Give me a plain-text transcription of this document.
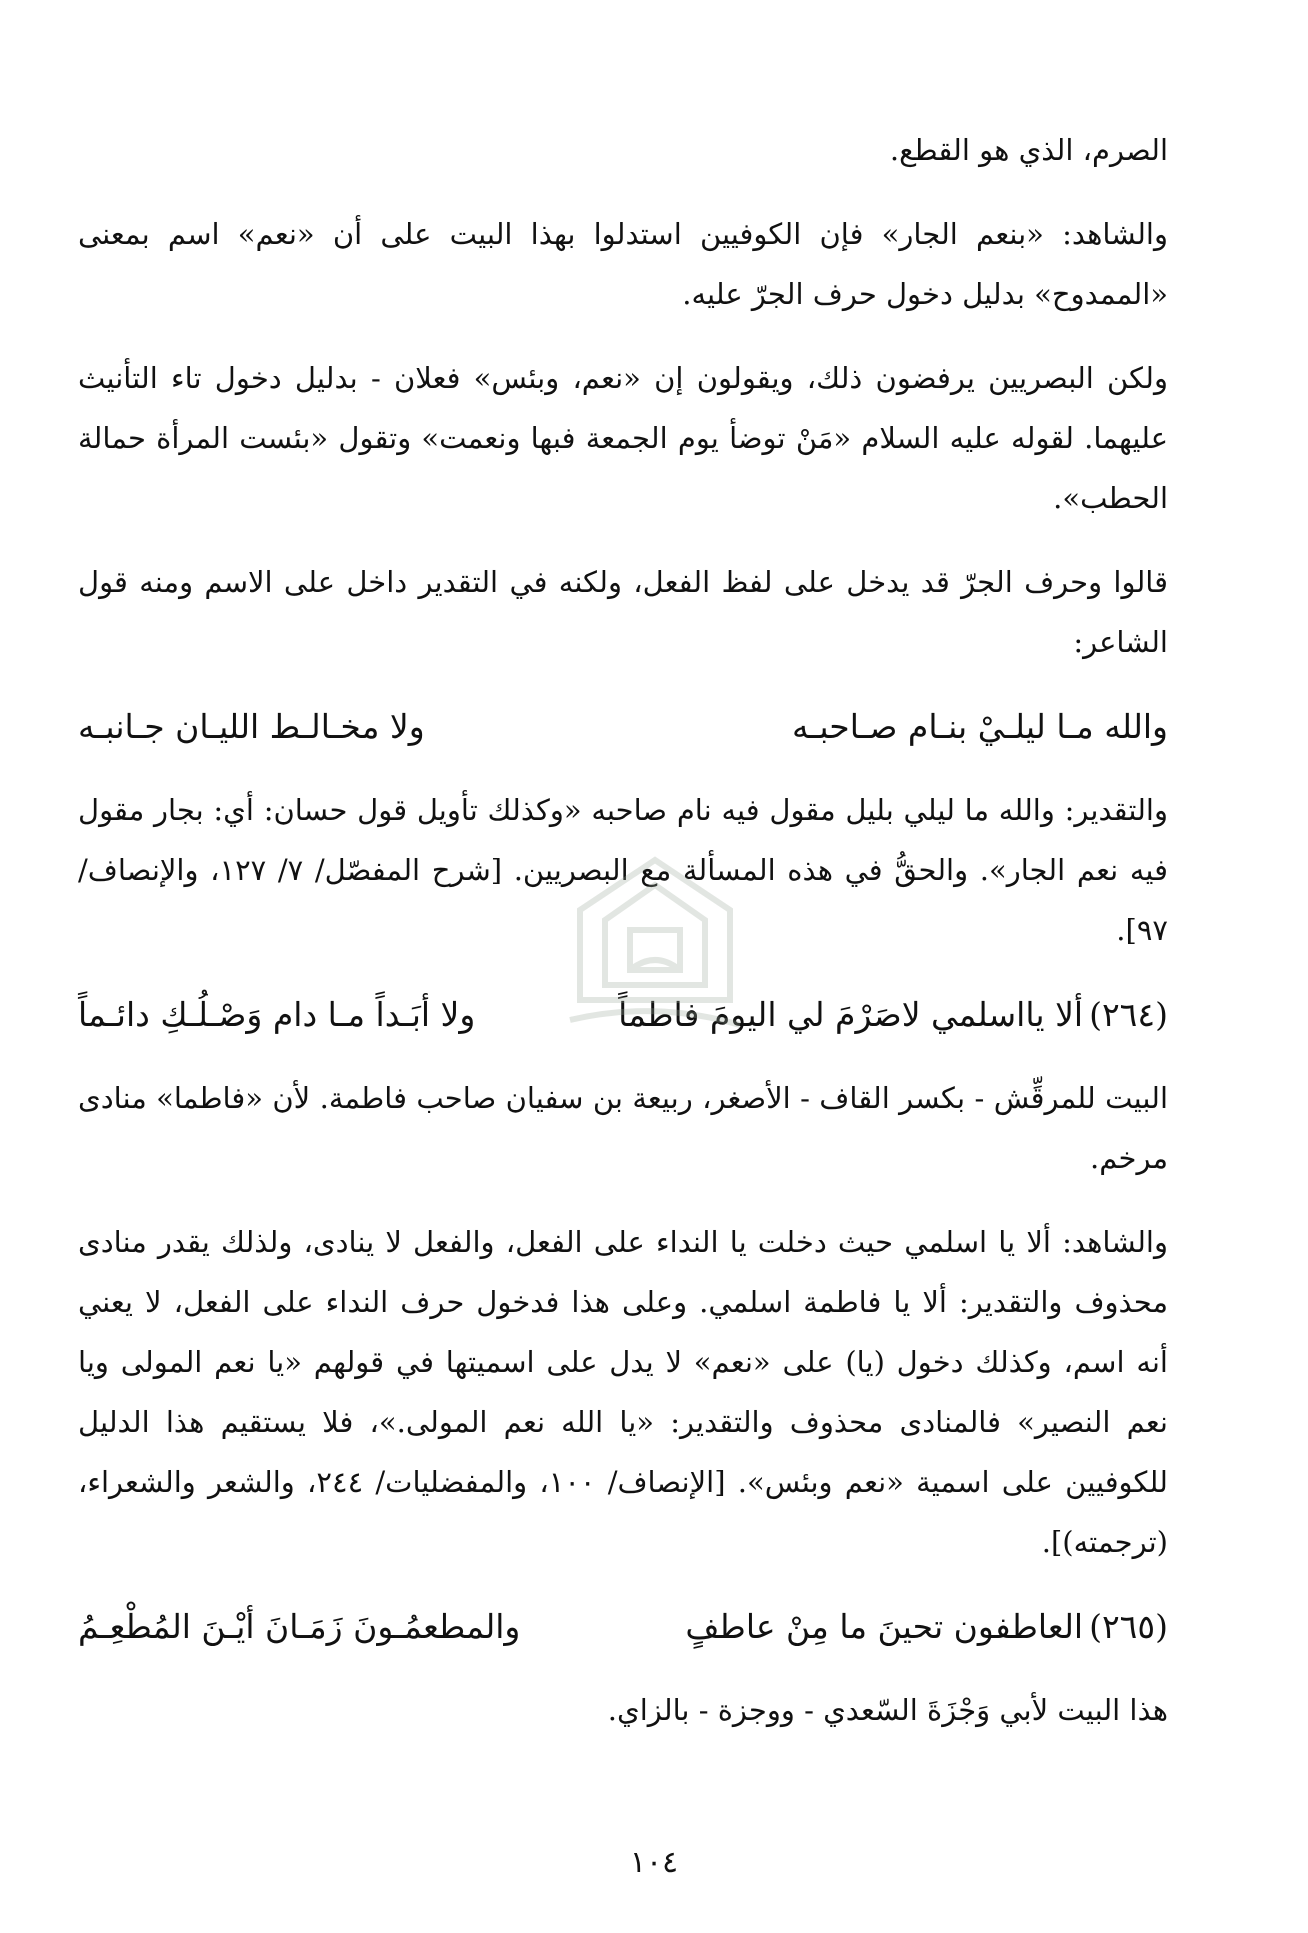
الصرم، الذي هو القطع.

والشاهد: «بنعم الجار» فإن الكوفيين استدلوا بهذا البيت على أن «نعم» اسم بمعنى «الممدوح» بدليل دخول حرف الجرّ عليه.

ولكن البصريين يرفضون ذلك، ويقولون إن «نعم، وبئس» فعلان - بدليل دخول تاء التأنيث عليهما. لقوله عليه السلام «مَنْ توضأ يوم الجمعة فبها ونعمت» وتقول «بئست المرأة حمالة الحطب».

قالوا وحرف الجرّ قد يدخل على لفظ الفعل، ولكنه في التقدير داخل على الاسم ومنه قول الشاعر:

والله مـا ليلـيْ بنـام صـاحبـه
ولا مخـالـط الليـان جـانبـه

والتقدير: والله ما ليلي بليل مقول فيه نام صاحبه «وكذلك تأويل قول حسان: أي: بجار مقول فيه نعم الجار». والحقُّ في هذه المسألة مع البصريين. [شرح المفصّل/ ٧/ ١٢٧، والإنصاف/ ٩٧].

(٢٦٤)ألا يااسلمي لاصَرْمَ لي اليومَ فاطماً
ولا أبَـداً مـا دام وَصْـلُـكِ دائـماً

البيت للمرقِّش - بكسر القاف - الأصغر، ربيعة بن سفيان صاحب فاطمة. لأن «فاطما» منادى مرخم.

والشاهد: ألا يا اسلمي حيث دخلت يا النداء على الفعل، والفعل لا ينادى، ولذلك يقدر منادى محذوف والتقدير: ألا يا فاطمة اسلمي. وعلى هذا فدخول حرف النداء على الفعل، لا يعني أنه اسم، وكذلك دخول (يا) على «نعم» لا يدل على اسميتها في قولهم «يا نعم المولى ويا نعم النصير» فالمنادى محذوف والتقدير: «يا الله نعم المولى.»، فلا يستقيم هذا الدليل للكوفيين على اسمية «نعم وبئس». [الإنصاف/ ١٠٠، والمفضليات/ ٢٤٤، والشعر والشعراء، (ترجمته)].

(٢٦٥)العاطفون تحينَ ما مِنْ عاطفٍ
والمطعمُـونَ زَمَـانَ أيْـنَ المُطْعِـمُ

هذا البيت لأبي وَجْزَةَ السّعدي - ووجزة - بالزاي.

١٠٤
